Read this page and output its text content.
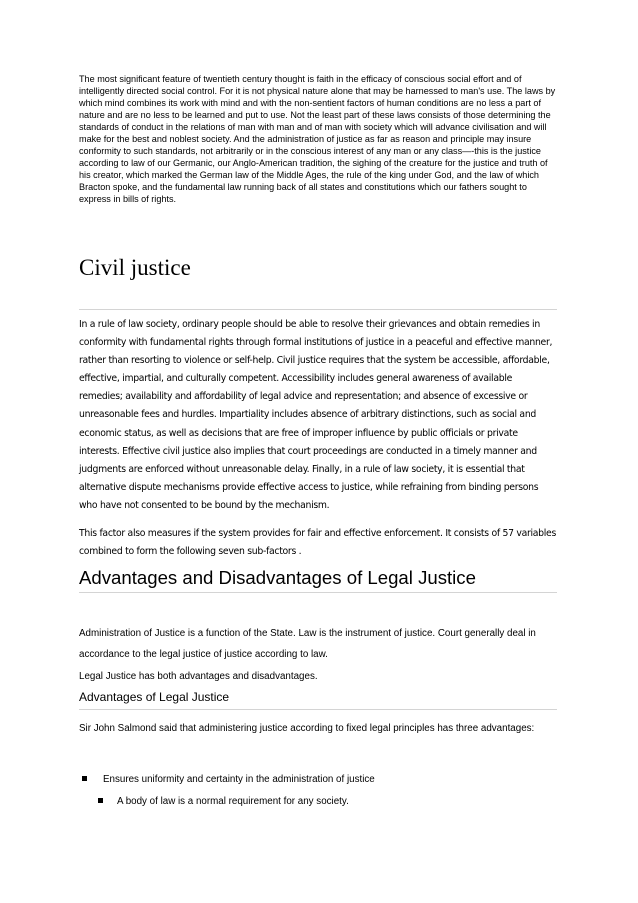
The most significant feature of twentieth century thought is faith in the efficacy of conscious social effort and of intelligently directed social control. For it is not physical nature alone that may be harnessed to man's use. The laws by which mind combines its work with mind and with the non-sentient factors of human conditions are no less a part of nature and are no less to be learned and put to use. Not the least part of these laws consists of those determining the standards of conduct in the relations of man with man and of man with society which will advance civilisation and will make for the best and noblest society. And the administration of justice as far as reason and principle may insure conformity to such standards, not arbitrarily or in the conscious interest of any man or any class—-this is the justice according to law of our Germanic, our Anglo-American tradition, the sighing of the creature for the justice and truth of his creator, which marked the German law of the Middle Ages, the rule of the king under God, and the law of which Bracton spoke, and the fundamental law running back of all states and constitutions which our fathers sought to express in bills of rights.

Civil justice

In a rule of law society, ordinary people should be able to resolve their grievances and obtain remedies in conformity with fundamental rights through formal institutions of justice in a peaceful and effective manner, rather than resorting to violence or self-help. Civil justice requires that the system be accessible, affordable, effective, impartial, and culturally competent. Accessibility includes general awareness of available remedies; availability and affordability of legal advice and representation; and absence of excessive or unreasonable fees and hurdles. Impartiality includes absence of arbitrary distinctions, such as social and economic status, as well as decisions that are free of improper influence by public officials or private interests. Effective civil justice also implies that court proceedings are conducted in a timely manner and judgments are enforced without unreasonable delay. Finally, in a rule of law society, it is essential that alternative dispute mechanisms provide effective access to justice, while refraining from binding persons who have not consented to be bound by the mechanism.

This factor also measures if the system provides for fair and effective enforcement. It consists of 57 variables combined to form the following seven sub-factors .

Advantages and Disadvantages of Legal Justice

Administration of Justice is a function of the State. Law is the instrument of justice. Court generally deal in accordance to the legal justice of justice according to law.

Legal Justice has both advantages and disadvantages.

Advantages of Legal Justice

Sir John Salmond said that administering justice according to fixed legal principles has three advantages:

Ensures uniformity and certainty in the administration of justice
A body of law is a normal requirement for any society.
